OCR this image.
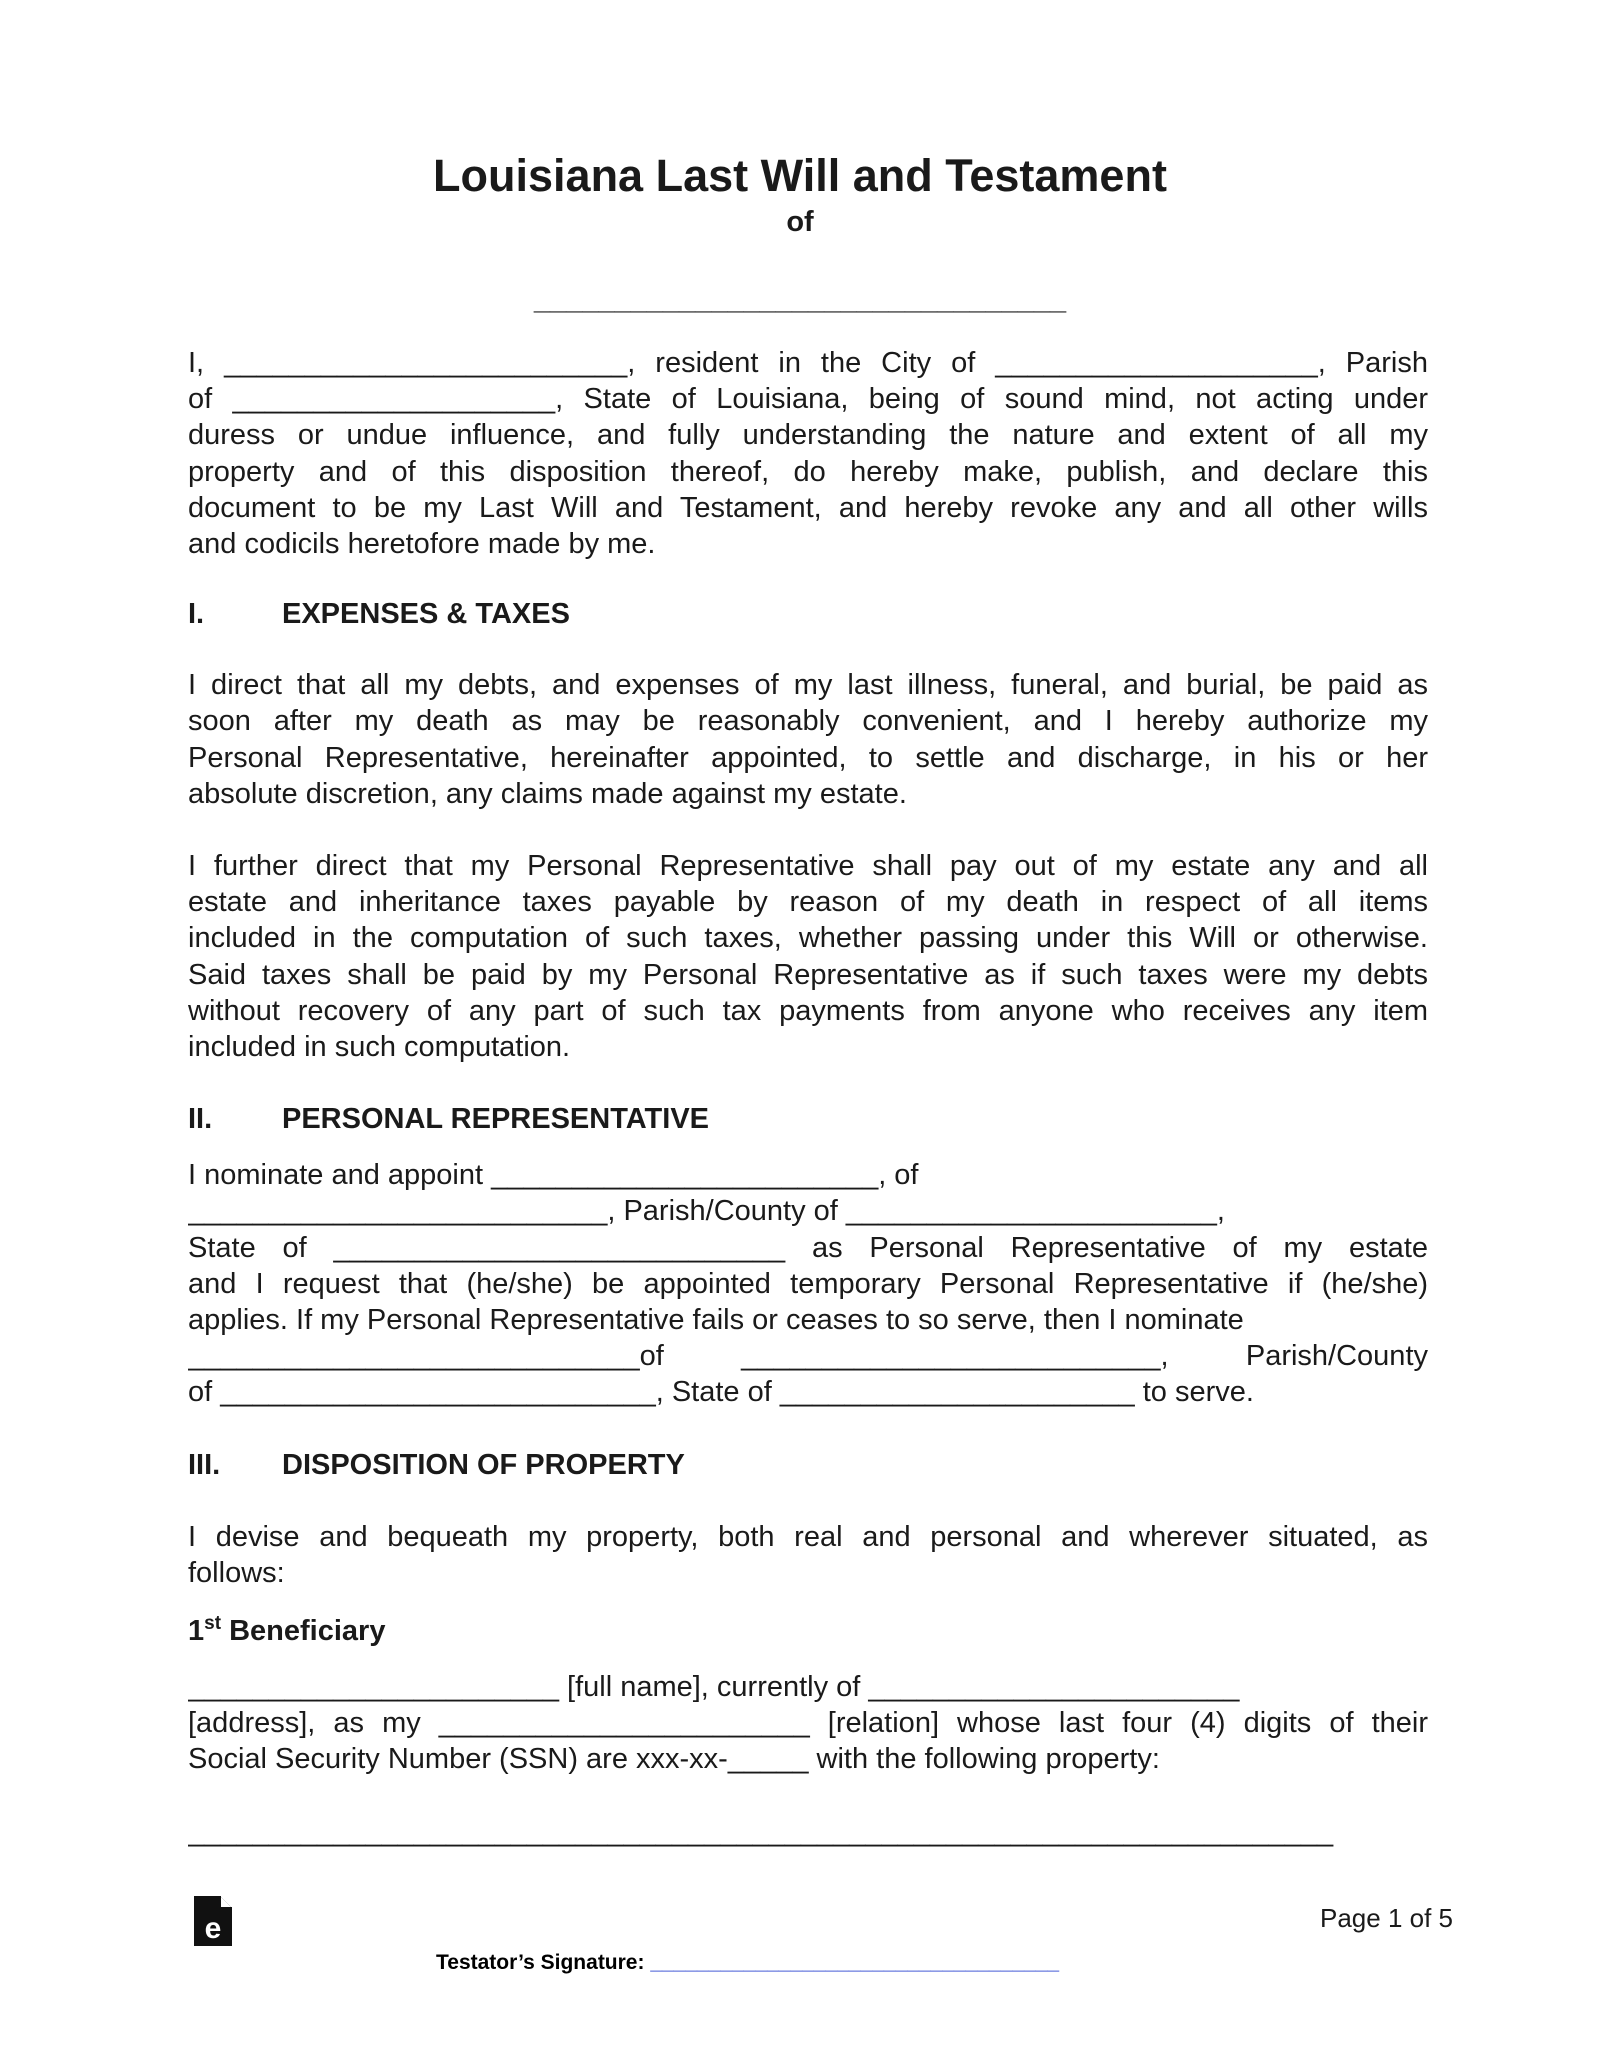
Louisiana Last Will and Testament
of
_________________________________

I, _________________________, resident in the City of ____________________, Parish
of ____________________, State of Louisiana, being of sound mind, not acting under
duress or undue influence, and fully understanding the nature and extent of all my
property and of this disposition thereof, do hereby make, publish, and declare this
document to be my Last Will and Testament, and hereby revoke any and all other wills
and codicils heretofore made by me.

I.	EXPENSES & TAXES

I direct that all my debts, and expenses of my last illness, funeral, and burial, be paid as
soon after my death as may be reasonably convenient, and I hereby authorize my
Personal Representative, hereinafter appointed, to settle and discharge, in his or her
absolute discretion, any claims made against my estate.

I further direct that my Personal Representative shall pay out of my estate any and all
estate and inheritance taxes payable by reason of my death in respect of all items
included in the computation of such taxes, whether passing under this Will or otherwise.
Said taxes shall be paid by my Personal Representative as if such taxes were my debts
without recovery of any part of such tax payments from anyone who receives any item
included in such computation.

II. PERSONAL REPRESENTATIVE

I nominate and appoint ________________________, of
__________________________, Parish/County of _______________________,
State of ____________________________ as Personal Representative of my estate
and I request that (he/she) be appointed temporary Personal Representative if (he/she)
applies. If my Personal Representative fails or ceases to so serve, then I nominate
____________________________of __________________________, Parish/County
of ___________________________, State of ______________________ to serve.

III. DISPOSITION OF PROPERTY

I devise and bequeath my property, both real and personal and wherever situated, as
follows:

1st Beneficiary

_______________________ [full name], currently of _______________________
[address], as my _______________________ [relation] whose last four (4) digits of their
Social Security Number (SSN) are xxx-xx-_____ with the following property:

_______________________________________________________________________

e	Page 1 of 5
Testator’s Signature: ___________________________________
